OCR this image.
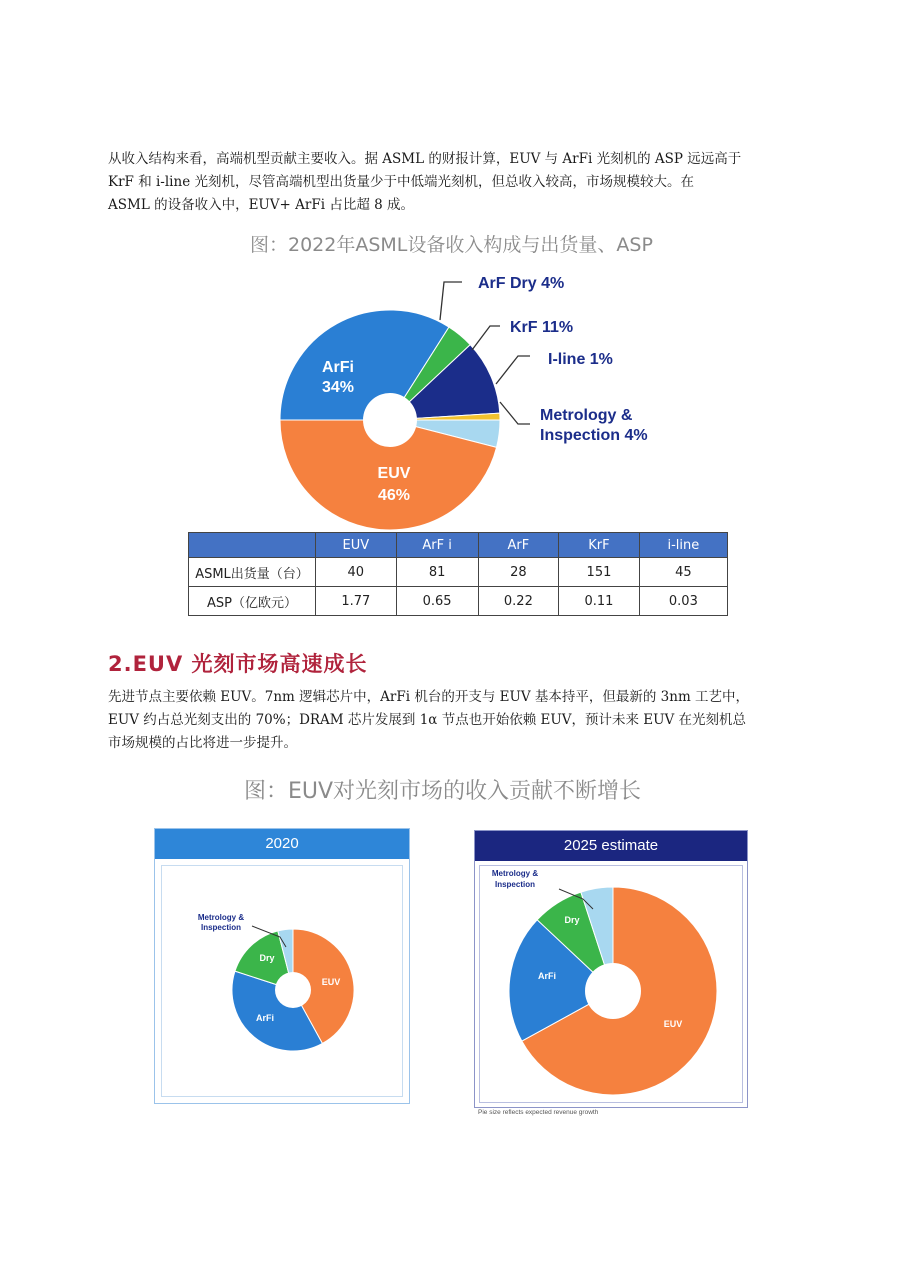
从收入结构来看，高端机型贡献主要收入。据 ASML 的财报计算，EUV 与 ArFi 光刻机的 ASP 远远高于
KrF 和 i-line 光刻机，尽管高端机型出货量少于中低端光刻机，但总收入较高，市场规模较大。在
ASML 的设备收入中，EUV+ ArFi 占比超 8 成。

图：2022年ASML设备收入构成与出货量、ASP
ArF Dry 4%
KrF 11%
I-line 1%
Metrology &
Inspection 4%
ArFi
34%
EUV
46%
	EUV	ArF i	ArF	KrF	i-line
ASML出货量（台）	40	81	28	151	45
ASP（亿欧元）	1.77	0.65	0.22	0.11	0.03
2.EUV 光刻市场高速成长

先进节点主要依赖 EUV。7nm 逻辑芯片中，ArFi 机台的开支与 EUV 基本持平，但最新的 3nm 工艺中，
EUV 约占总光刻支出的 70%；DRAM 芯片发展到 1α 节点也开始依赖 EUV，预计未来 EUV 在光刻机总
市场规模的占比将进一步提升。

图：EUV对光刻市场的收入贡献不断增长
2020
Metrology &
Inspection
Dry
EUV
ArFi
2025 estimate
Metrology &
Inspection
Dry
ArFi
EUV
Pie size reflects expected revenue growth
